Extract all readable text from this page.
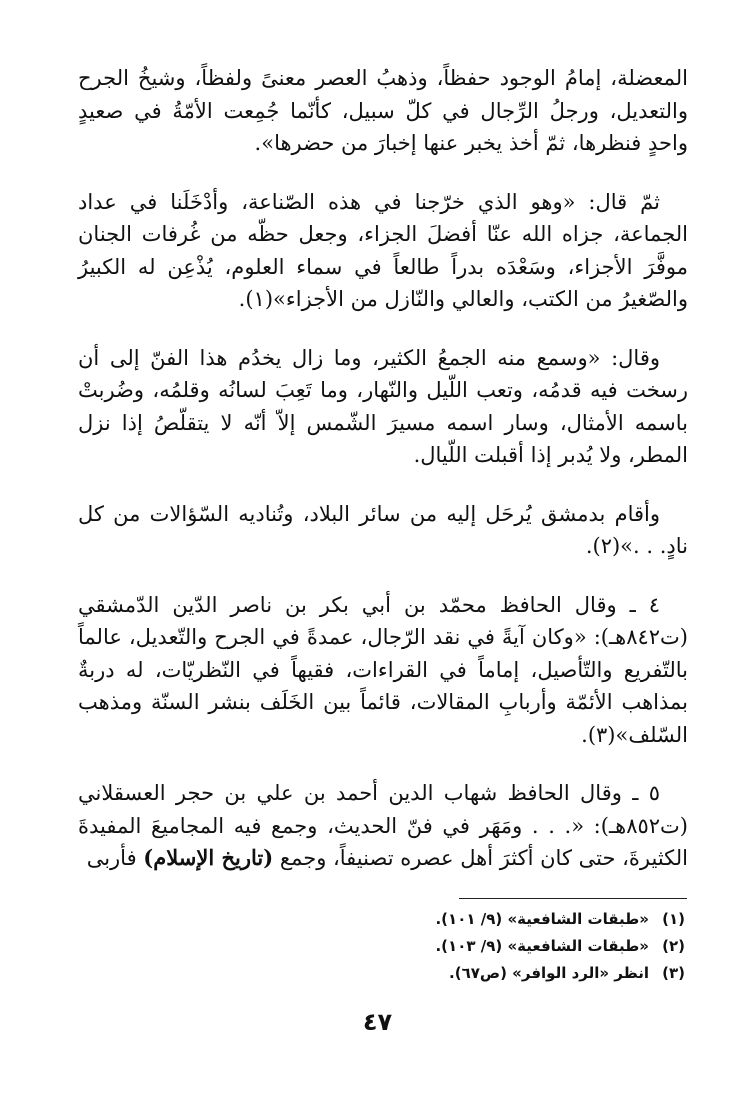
المعضلة، إمامُ الوجود حفظاً، وذهبُ العصر معنىً ولفظاً، وشيخُ الجرح والتعديل، ورجلُ الرِّجال في كلّ سبيل، كأنّما جُمِعت الأمّةُ في صعيدٍ واحدٍ فنظرها، ثمّ أخذ يخبر عنها إخبارَ من حضرها».

ثمّ قال: «وهو الذي خرّجنا في هذه الصّناعة، وأدْخَلَنا في عداد الجماعة، جزاه الله عنّا أفضلَ الجزاء، وجعل حظّه من غُرفات الجنان موفَّرَ الأجزاء، وسَعْدَه بدراً طالعاً في سماء العلوم، يُذْعِن له الكبيرُ والصّغيرُ من الكتب، والعالي والنّازل من الأجزاء»(١).

وقال: «وسمع منه الجمعُ الكثير، وما زال يخدُم هذا الفنّ إلى أن رسخت فيه قدمُه، وتعب اللّيل والنّهار، وما تَعِبَ لسانُه وقلمُه، وضُربتْ باسمه الأمثال، وسار اسمه مسيرَ الشّمس إلاّ أنّه لا يتقلّصُ إذا نزل المطر، ولا يُدبر إذا أقبلت اللّيال.

وأقام بدمشق يُرحَل إليه من سائر البلاد، وتُناديه السّؤالات من كل نادٍ. . .»(٢).

٤ ـ وقال الحافظ محمّد بن أبي بكر بن ناصر الدّين الدّمشقي (ت٨٤٢هـ): «وكان آيةً في نقد الرّجال، عمدةً في الجرح والتّعديل، عالماً بالتّفريع والتّأصيل، إماماً في القراءات، فقيهاً في النّظريّات، له دربةٌ بمذاهب الأئمّة وأربابِ المقالات، قائماً بين الخَلَف بنشر السنّة ومذهب السّلف»(٣).

٥ ـ وقال الحافظ شهاب الدين أحمد بن علي بن حجر العسقلاني (ت٨٥٢هـ): «. . . ومَهَر في فنّ الحديث، وجمع فيه المجاميعَ المفيدةَ الكثيرةَ، حتى كان أكثرَ أهل عصره تصنيفاً، وجمع (تاريخ الإسلام) فأربى

(١)«طبقات الشافعية» (٩/ ١٠١).
(٢)«طبقات الشافعية» (٩/ ١٠٣).
(٣)انظر «الرد الوافر» (ص٦٧).
٤٧
